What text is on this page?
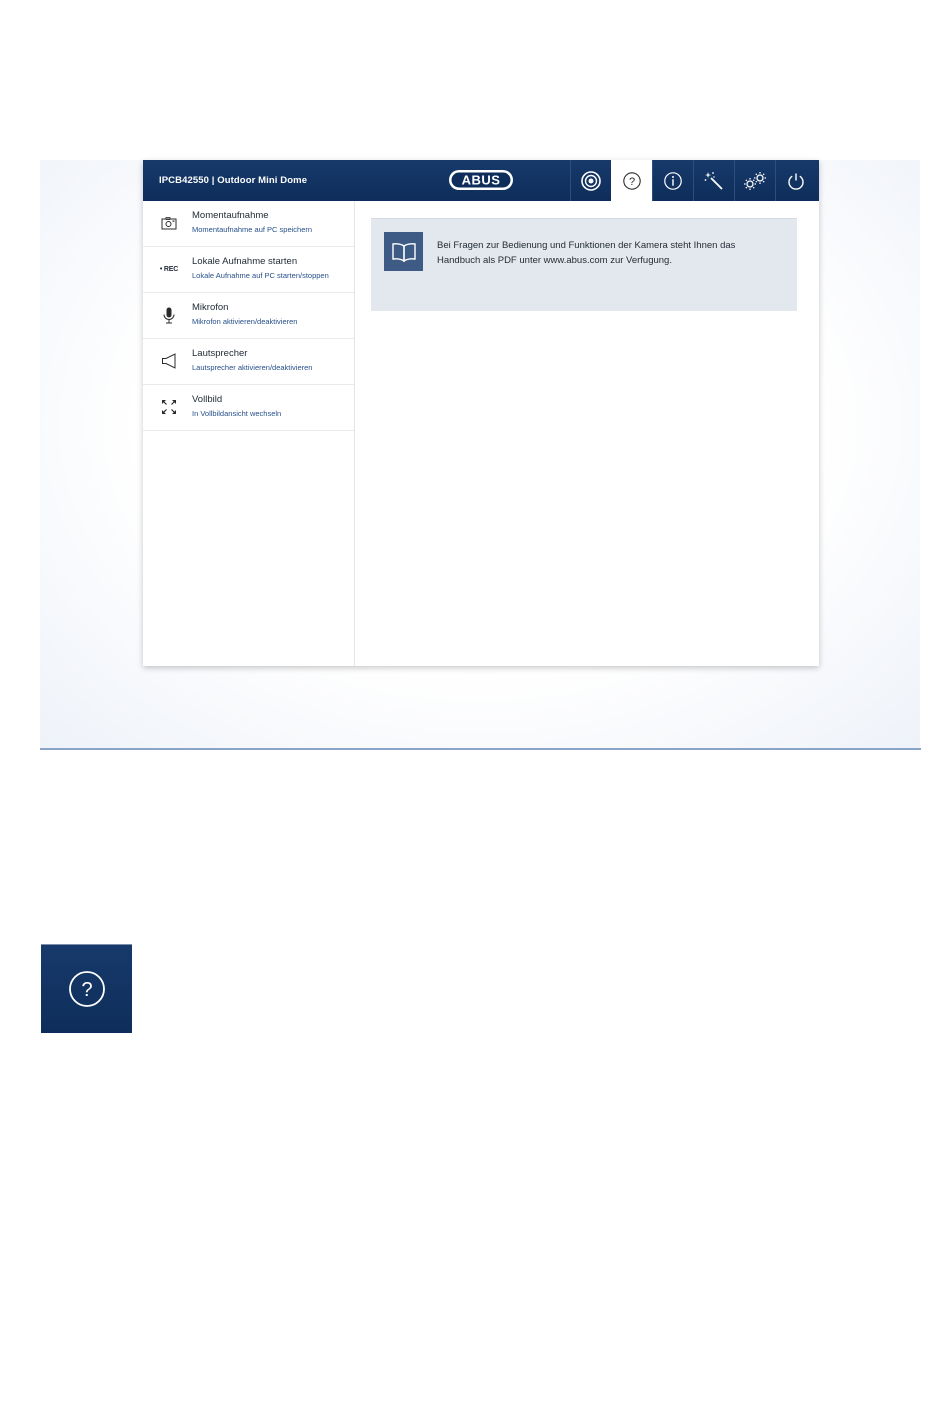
IPCB42550 | Outdoor Mini Dome	ABUS	?
Momentaufnahme
Momentaufnahme auf PC speichern
• REC
Lokale Aufnahme starten
Lokale Aufnahme auf PC starten/stoppen
Mikrofon
Mikrofon aktivieren/deaktivieren
Lautsprecher
Lautsprecher aktivieren/deaktivieren
Vollbild
In Vollbildansicht wechseln
Bei Fragen zur Bedienung und Funktionen der Kamera steht Ihnen das Handbuch als PDF unter www.abus.com zur Verfugung.
?
